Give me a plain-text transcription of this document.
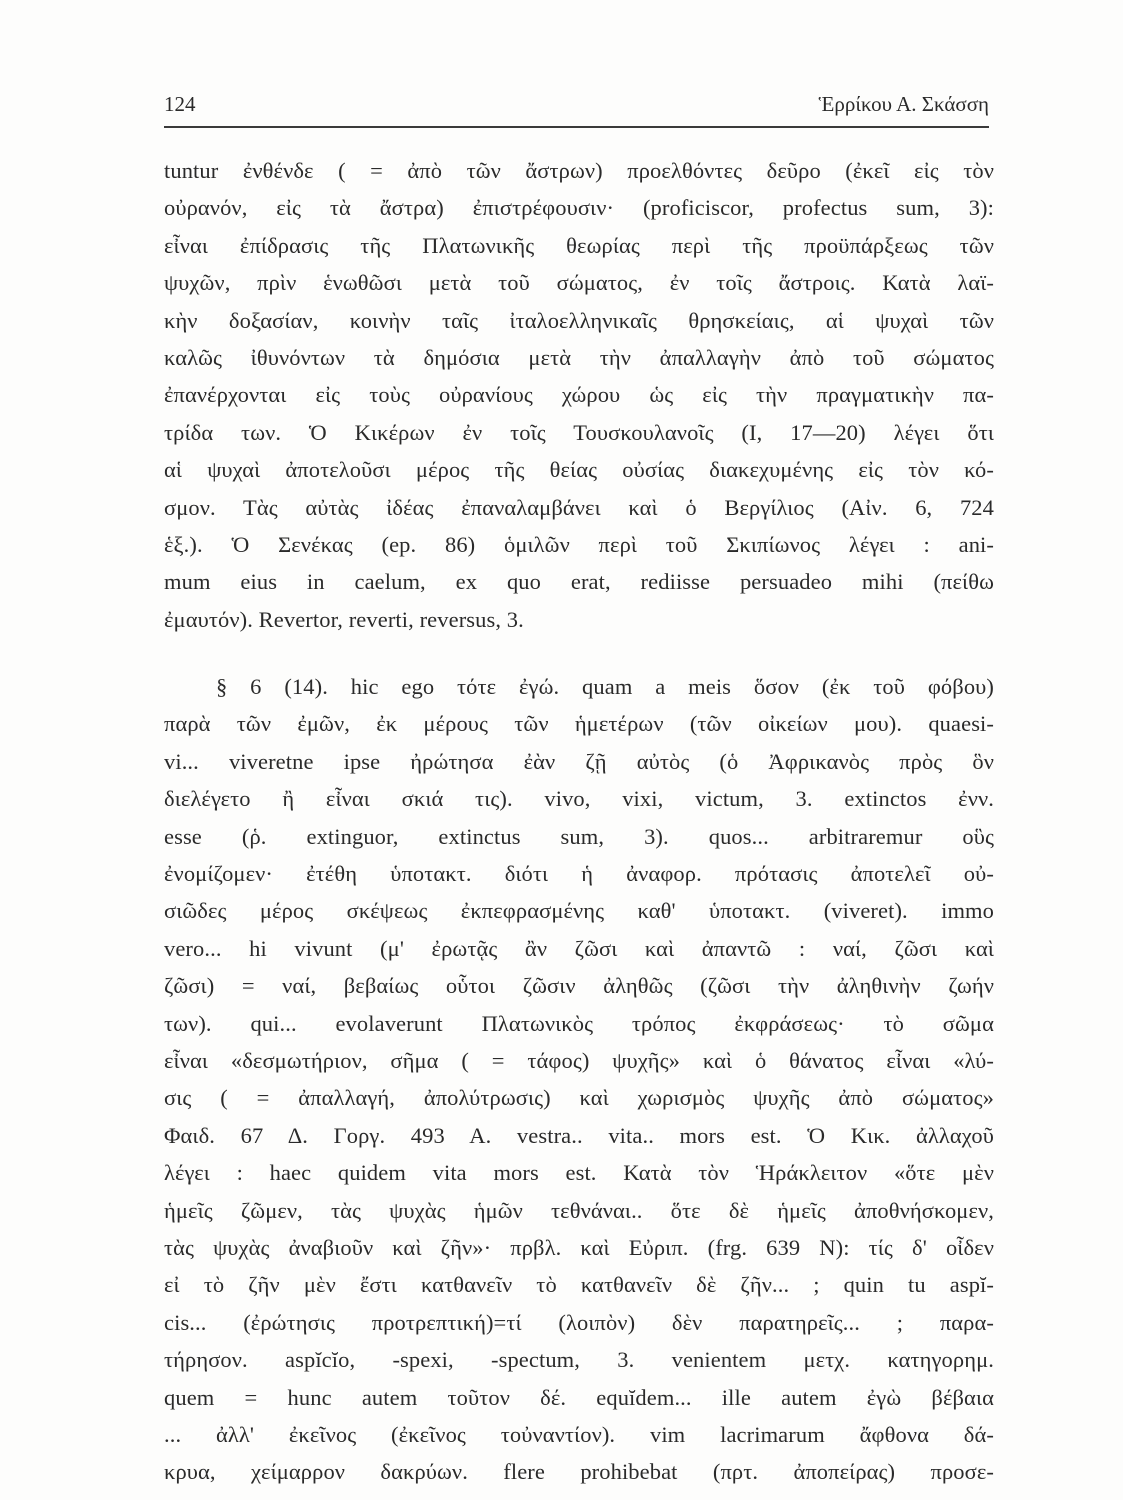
124	Ἑρρίκου Α. Σκάσση
tuntur ἐνθένδε ( = ἀπὸ τῶν ἄστρων) προελθόντες δεῦρο (ἐκεῖ εἰς τὸν
οὐρανόν, εἰς τὰ ἄστρα) ἐπιστρέφουσιν· (proficiscor, profectus sum, 3):
εἶναι ἐπίδρασις τῆς Πλατωνικῆς θεωρίας περὶ τῆς προϋπάρξεως τῶν
ψυχῶν, πρὶν ἑνωθῶσι μετὰ τοῦ σώματος, ἐν τοῖς ἄστροις. Κατὰ λαϊ-
κὴν δοξασίαν, κοινὴν ταῖς ἰταλοελληνικαῖς θρησκείαις, αἱ ψυχαὶ τῶν
καλῶς ἰθυνόντων τὰ δημόσια μετὰ τὴν ἀπαλλαγὴν ἀπὸ τοῦ σώματος
ἐπανέρχονται εἰς τοὺς οὐρανίους χώρου ὡς εἰς τὴν πραγματικὴν πα-
τρίδα των. Ὁ Κικέρων ἐν τοῖς Τουσκουλανοῖς (Ι, 17—20) λέγει ὅτι
αἱ ψυχαὶ ἀποτελοῦσι μέρος τῆς θείας οὐσίας διακεχυμένης εἰς τὸν κό-
σμον. Τὰς αὐτὰς ἰδέας ἐπαναλαμβάνει καὶ ὁ Βεργίλιος (Αἰν. 6, 724
ἑξ.). Ὁ Σενέκας (ep. 86) ὁμιλῶν περὶ τοῦ Σκιπίωνος λέγει : ani-
mum eius in caelum, ex quo erat, rediisse persuadeo mihi (πείθω
ἐμαυτόν). Revertor, reverti, reversus, 3.
§ 6 (14). hic ego τότε ἐγώ. quam a meis ὅσον (ἐκ τοῦ φόβου)
παρὰ τῶν ἐμῶν, ἐκ μέρους τῶν ἡμετέρων (τῶν οἰκείων μου). quaesi-
vi... viveretne ipse ἠρώτησα ἐὰν ζῇ αὐτὸς (ὁ Ἀφρικανὸς πρὸς ὃν
διελέγετο ἢ εἶναι σκιά τις). vivo, vixi, victum, 3. extinctos ἐνν.
esse (ῥ. extinguor, extinctus sum, 3). quos... arbitraremur οὓς
ἐνομίζομεν· ἐτέθη ὑποτακτ. διότι ἡ ἀναφορ. πρότασις ἀποτελεῖ οὐ-
σιῶδες μέρος σκέψεως ἐκπεφρασμένης καθ' ὑποτακτ. (viveret). immo
vero... hi vivunt (μ' ἐρωτᾷς ἂν ζῶσι καὶ ἀπαντῶ : ναί, ζῶσι καὶ
ζῶσι) = ναί, βεβαίως οὗτοι ζῶσιν ἀληθῶς (ζῶσι τὴν ἀληθινὴν ζωήν
των). qui... evolaverunt Πλατωνικὸς τρόπος ἐκφράσεως· τὸ σῶμα
εἶναι «δεσμωτήριον, σῆμα ( = τάφος) ψυχῆς» καὶ ὁ θάνατος εἶναι «λύ-
σις ( = ἀπαλλαγή, ἀπολύτρωσις) καὶ χωρισμὸς ψυχῆς ἀπὸ σώματος»
Φαιδ. 67 Δ. Γοργ. 493 Α. vestra.. vita.. mors est. Ὁ Κικ. ἀλλαχοῦ
λέγει : haec quidem vita mors est. Κατὰ τὸν Ἡράκλειτον «ὅτε μὲν
ἡμεῖς ζῶμεν, τὰς ψυχὰς ἡμῶν τεθνάναι.. ὅτε δὲ ἡμεῖς ἀποθνήσκομεν,
τὰς ψυχὰς ἀναβιοῦν καὶ ζῆν»· πρβλ. καὶ Εὐριπ. (frg. 639 N): τίς δ' οἶδεν
εἰ τὸ ζῆν μὲν ἔστι κατθανεῖν τὸ κατθανεῖν δὲ ζῆν... ; quin tu aspĭ-
cis... (ἐρώτησις προτρεπτική)=τί (λοιπὸν) δὲν παρατηρεῖς... ; παρα-
τήρησον. aspĭcĭo, -spexi, -spectum, 3. venientem μετχ. κατηγορημ.
quem = hunc autem τοῦτον δέ. equĭdem... ille autem ἐγὼ βέβαια
... ἀλλ' ἐκεῖνος (ἐκεῖνος τοὐναντίον). vim lacrimarum ἄφθονα δά-
κρυα, χείμαρρον δακρύων. flere prohibebat (πρτ. ἀποπείρας) προσε-
